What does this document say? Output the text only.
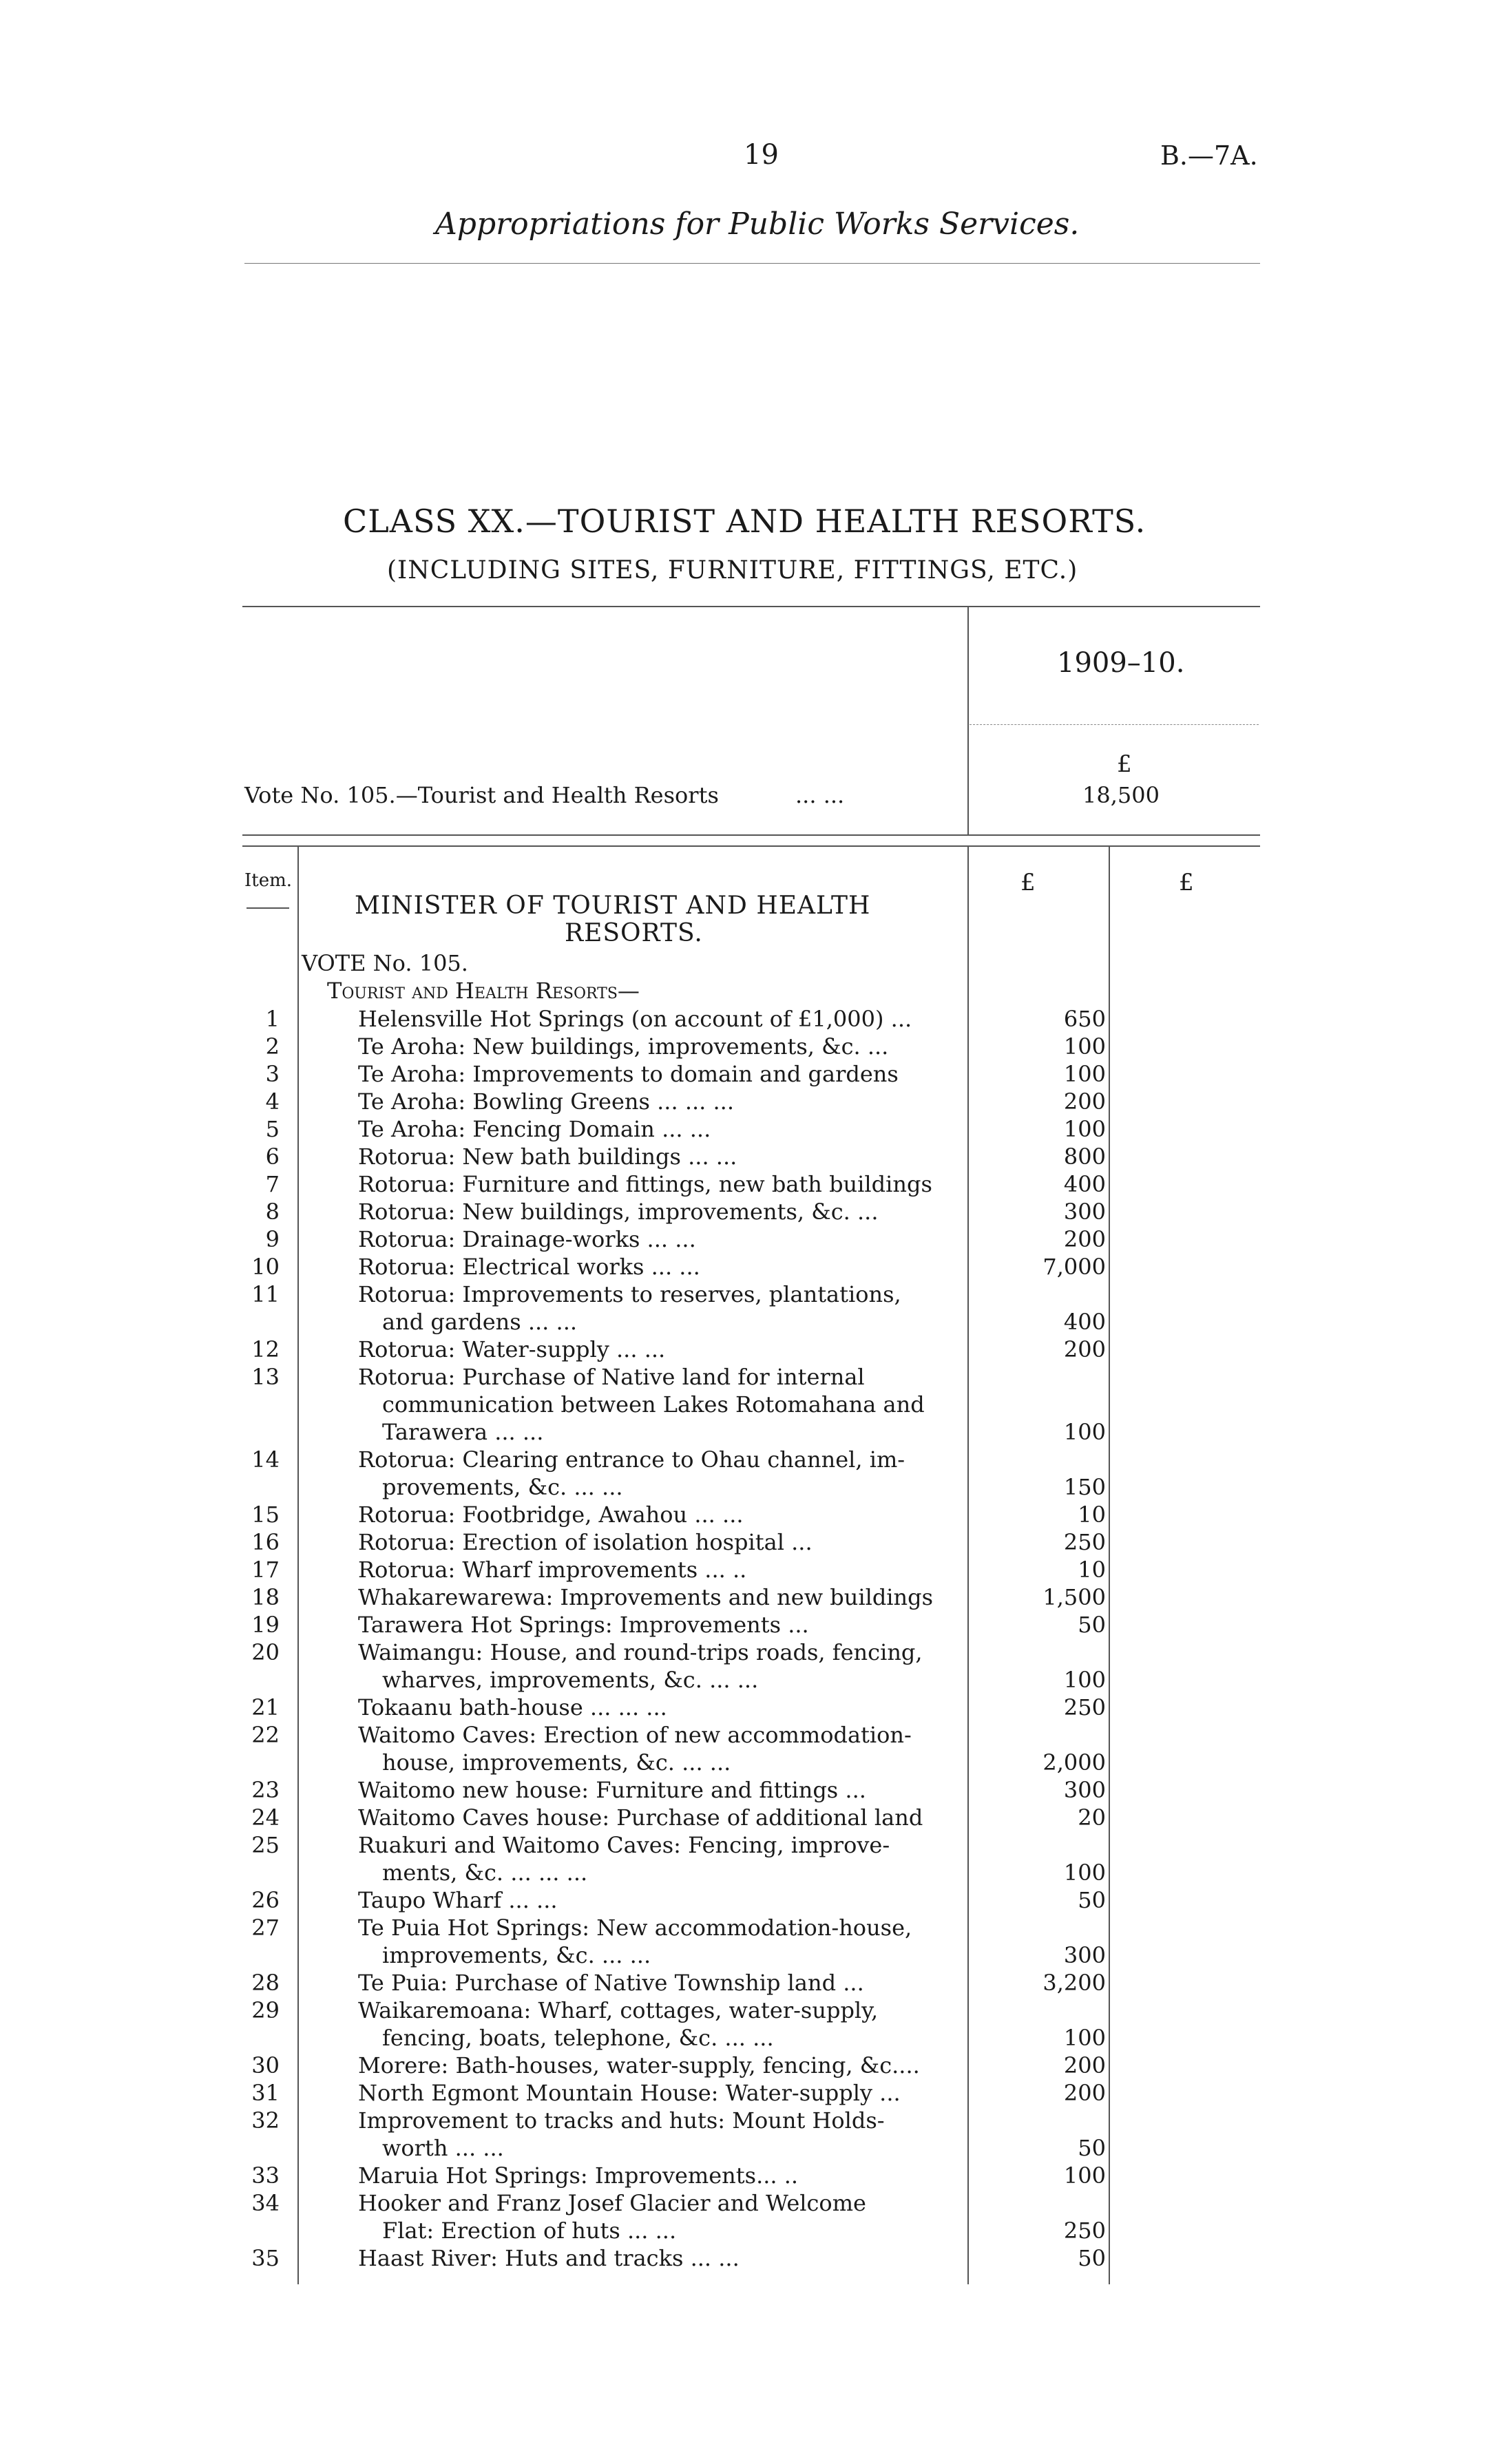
19	B.—7A.
Appropriations for Public Works Services.
CLASS XX.—TOURIST AND HEALTH RESORTS.
(INCLUDING SITES, FURNITURE, FITTINGS, ETC.)
1909–10.
£
Vote No. 105.—Tourist and Health Resorts	... ...	18,500
Item.	£	£
MINISTER OF TOURIST AND HEALTH
RESORTS.
VOTE No. 105.
Tourist and Health Resorts—
1	Helensville Hot Springs (on account of £1,000) ...	650
2	Te Aroha: New buildings, improvements, &c. ...	100
3	Te Aroha: Improvements to domain and gardens	100
4	Te Aroha: Bowling Greens ... ... ...	200
5	Te Aroha: Fencing Domain ... ...	100
6	Rotorua: New bath buildings ... ...	800
7	Rotorua: Furniture and fittings, new bath buildings	400
8	Rotorua: New buildings, improvements, &c. ...	300
9	Rotorua: Drainage-works ... ...	200
10	Rotorua: Electrical works ... ...	7,000
11	Rotorua: Improvements to reserves, plantations,
and gardens ... ...	400
12	Rotorua: Water-supply ... ...	200
13	Rotorua: Purchase of Native land for internal
communication between Lakes Rotomahana and
Tarawera ... ...	100
14	Rotorua: Clearing entrance to Ohau channel, im-
provements, &c. ... ...	150
15	Rotorua: Footbridge, Awahou ... ...	10
16	Rotorua: Erection of isolation hospital ...	250
17	Rotorua: Wharf improvements ... ..	10
18	Whakarewarewa: Improvements and new buildings	1,500
19	Tarawera Hot Springs: Improvements ...	50
20	Waimangu: House, and round-trips roads, fencing,
wharves, improvements, &c. ... ...	100
21	Tokaanu bath-house ... ... ...	250
22	Waitomo Caves: Erection of new accommodation-
house, improvements, &c. ... ...	2,000
23	Waitomo new house: Furniture and fittings ...	300
24	Waitomo Caves house: Purchase of additional land	20
25	Ruakuri and Waitomo Caves: Fencing, improve-
ments, &c. ... ... ...	100
26	Taupo Wharf ... ...	50
27	Te Puia Hot Springs: New accommodation-house,
improvements, &c. ... ...	300
28	Te Puia: Purchase of Native Township land ...	3,200
29	Waikaremoana: Wharf, cottages, water-supply,
fencing, boats, telephone, &c. ... ...	100
30	Morere: Bath-houses, water-supply, fencing, &c....	200
31	North Egmont Mountain House: Water-supply ...	200
32	Improvement to tracks and huts: Mount Holds-
worth ... ...	50
33	Maruia Hot Springs: Improvements... ..	100
34	Hooker and Franz Josef Glacier and Welcome
Flat: Erection of huts ... ...	250
35	Haast River: Huts and tracks ... ...	50
